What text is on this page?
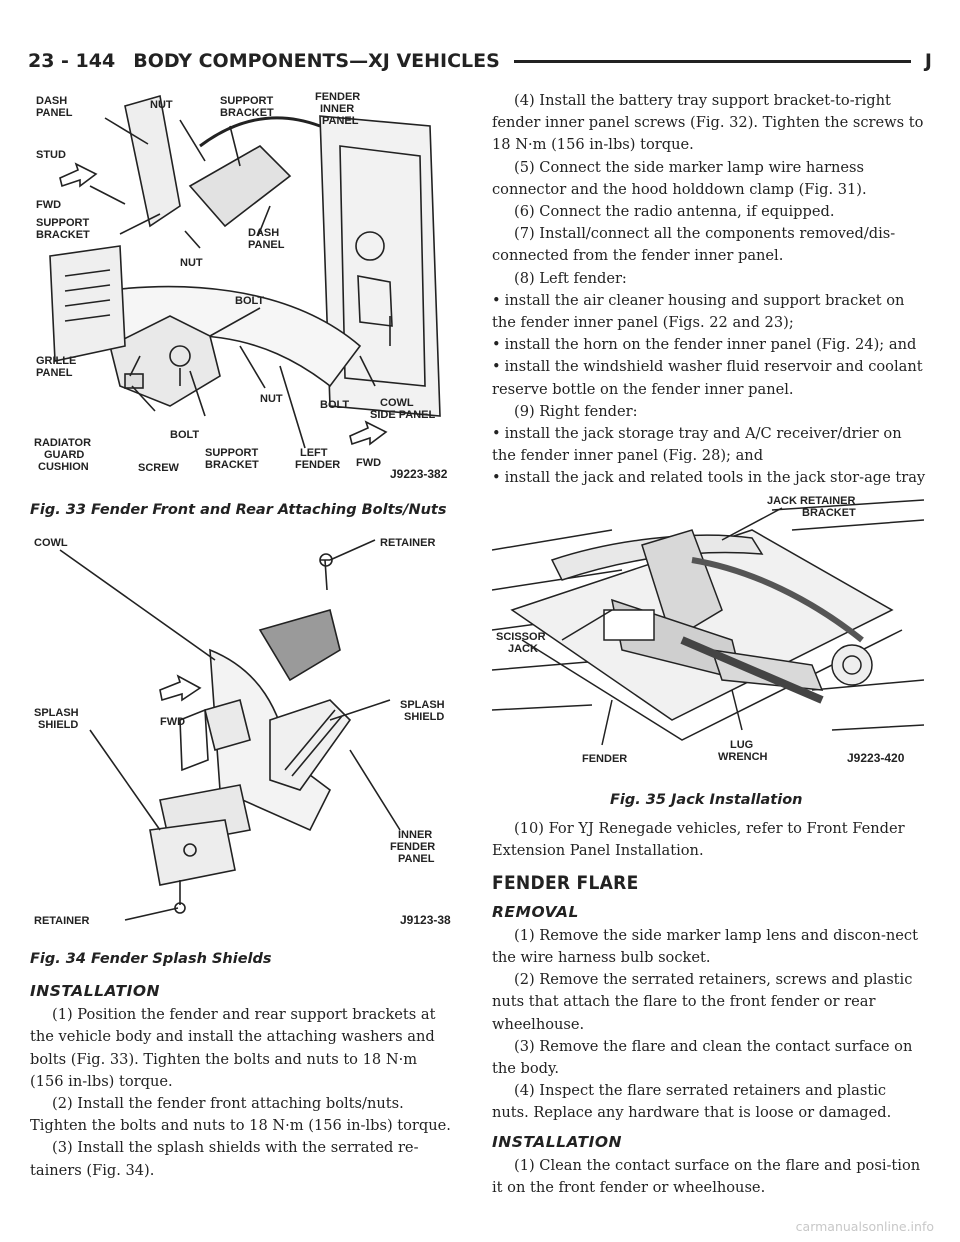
23 - 144 BODY COMPONENTS—XJ VEHICLES	J
DASH PANEL
NUT	SUPPORT BRACKET
FENDER INNER PANEL
STUD
FWD
SUPPORT BRACKET
NUT
DASH PANEL
BOLT
GRILLE PANEL
BOLT	COWL SIDE PANEL
NUT
FWD
RADIATOR GUARD CUSHION	SCREW
BOLT
SUPPORT BRACKET
LEFT FENDER
J9223-382
Fig. 33 Fender Front and Rear Attaching Bolts/Nuts
COWL	RETAINER
SPLASH SHIELD
SPLASH SHIELD
FWD
INNER FENDER PANEL
RETAINER	J9123-38
Fig. 34 Fender Splash Shields
INSTALLATION

(1) Position the fender and rear support brackets at the vehicle body and install the attaching washers and bolts (Fig. 33). Tighten the bolts and nuts to 18 N·m (156 in-lbs) torque.

(2) Install the fender front attaching bolts/nuts. Tighten the bolts and nuts to 18 N·m (156 in-lbs) torque.

(3) Install the splash shields with the serrated re-tainers (Fig. 34).

(4) Install the battery tray support bracket-to-right fender inner panel screws (Fig. 32). Tighten the screws to 18 N·m (156 in-lbs) torque.

(5) Connect the side marker lamp wire harness connector and the hood holddown clamp (Fig. 31).

(6) Connect the radio antenna, if equipped.

(7) Install/connect all the components removed/dis-connected from the fender inner panel.

(8) Left fender:

• install the air cleaner housing and support bracket on the fender inner panel (Figs. 22 and 23);

• install the horn on the fender inner panel (Fig. 24); and

• install the windshield washer fluid reservoir and coolant reserve bottle on the fender inner panel.

(9) Right fender:

• install the jack storage tray and A/C receiver/drier on the fender inner panel (Fig. 28); and

• install the jack and related tools in the jack stor-age tray

JACK RETAINER BRACKET
SCISSOR JACK
FENDER
LUG WRENCH	J9223-420
Fig. 35 Jack Installation

(10) For YJ Renegade vehicles, refer to Front Fender Extension Panel Installation.

FENDER FLARE
REMOVAL

(1) Remove the side marker lamp lens and discon-nect the wire harness bulb socket.

(2) Remove the serrated retainers, screws and plastic nuts that attach the flare to the front fender or rear wheelhouse.

(3) Remove the flare and clean the contact surface on the body.

(4) Inspect the flare serrated retainers and plastic nuts. Replace any hardware that is loose or damaged.

INSTALLATION

(1) Clean the contact surface on the flare and posi-tion it on the front fender or wheelhouse.

carmanualsonline.info
